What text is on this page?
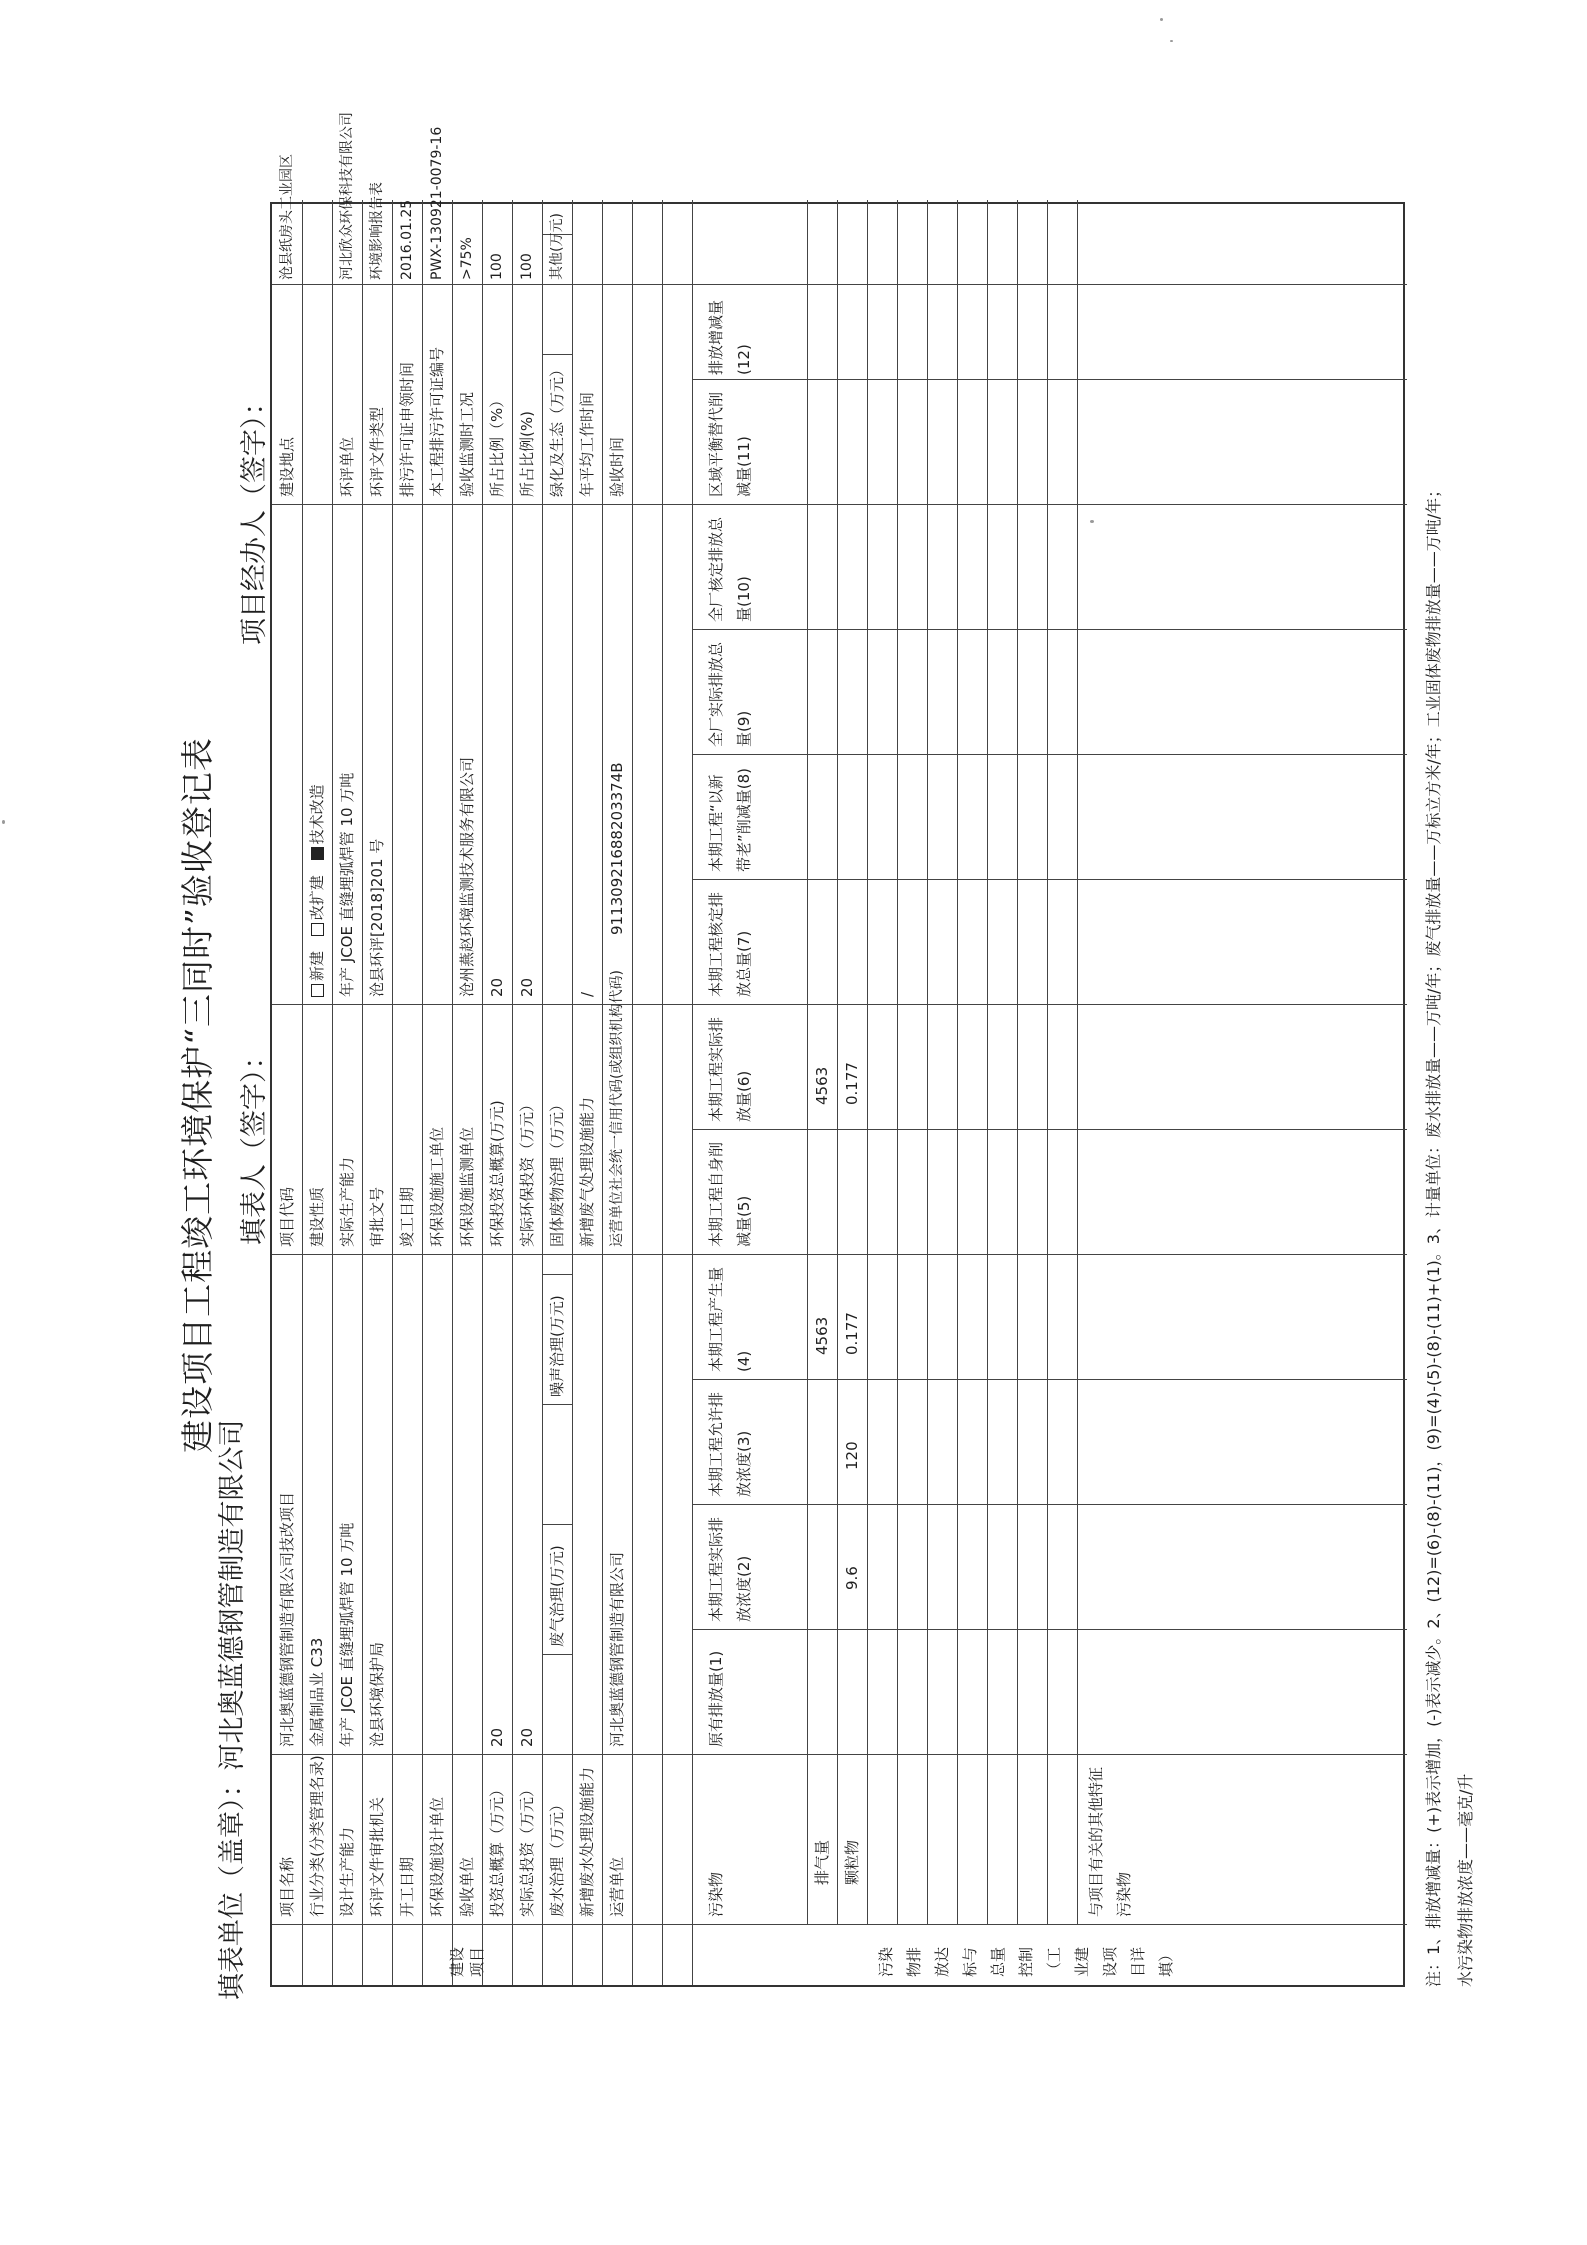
建设项目工程竣工环境保护“三同时”验收登记表
填表单位（盖章）：河北奥蓝德钢管制造有限公司
填表人（签字）：
项目经办人（签字）：
建设 项目	污染 物排 放达 标与 总量 控制 （工 业建 设项 目详 填）
项目名称
河北奥蓝德钢管制造有限公司技改项目
项目代码
建设地点
沧县纸房头工业园区
行业分类(分类管理名录)
金属制品业 C33
建设性质
新建 改扩建 技术改造
设计生产能力
年产 JCOE 直缝埋弧焊管 10 万吨
实际生产能力
年产 JCOE 直缝埋弧焊管 10 万吨
环评单位
河北欣众环保科技有限公司
环评文件审批机关
沧县环境保护局
审批文号
沧县环评[2018]201 号
环评文件类型
环境影响报告表
开工日期
竣工日期
排污许可证申领时间
2016.01.25
环保设施设计单位
环保设施施工单位
本工程排污许可证编号
PWX-130921-0079-16
验收单位
环保设施监测单位
沧州燕赵环境监测技术服务有限公司
验收监测时工况
>75%
投资总概算（万元）
20
环保投资总概算(万元)
20
所占比例（%）
100
实际总投资（万元）
20
实际环保投资（万元）
20
所占比例(%)
100
废水治理（万元）
废气治理(万元)
噪声治理(万元)
固体废物治理（万元）
绿化及生态（万元）
其他(万元)
新增废水处理设施能力
新增废气处理设施能力
/
年平均工作时间
运营单位
河北奥蓝德钢管制造有限公司
运营单位社会统一信用代码(或组织机构代码)
91130921688203374B
验收时间
污染物
原有排放量(1)
本期工程实际排放浓度(2)
本期工程允许排放浓度(3)
本期工程产生量(4)
本期工程自身削减量(5)
本期工程实际排放量(6)
本期工程核定排放总量(7)
本期工程“以新带老”削减量(8)
全厂实际排放总量(9)
全厂核定排放总量(10)
区域平衡替代削减量(11)
排放增减量(12)
排气量
4563
4563
颗粒物
9.6
120
0.177
0.177
与项目有关的其他特征污染物	注：1、排放增减量：(+)表示增加，(-)表示减少。2、(12)=(6)-(8)-(11)，(9)=(4)-(5)-(8)-(11)+(1)。3、计量单位：废水排放量——万吨/年；废气排放量——万标立方米/年；工业固体废物排放量——万吨/年； 水污染物排放浓度——毫克/升
